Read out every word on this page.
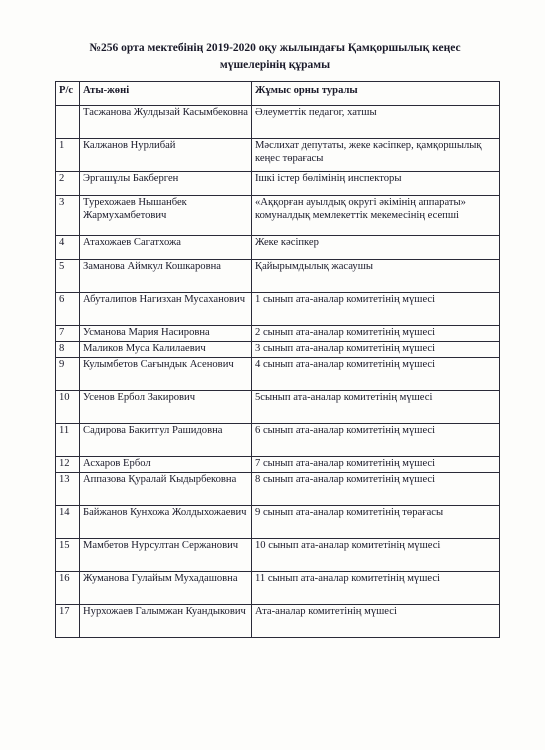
№256 орта мектебінің 2019-2020 оқу жылындағы Қамқоршылық кеңес
мүшелерінің құрамы
Р/с	Аты-жөні	Жұмыс орны туралы
	Тасжанова Жулдызай Касымбековна	Әлеуметтік педагог, хатшы
1	Калжанов Нурлибай	Мәслихат депутаты, жеке кәсіпкер, қамқоршылық кеңес төрағасы
2	Эргашұлы Бакберген	Ішкі істер бөлімінің инспекторы
3	Турехожаев Нышанбек Жармухамбетович	«Аққорған ауылдық округі әкімінің аппараты» комуналдық мемлекеттік мекемесінің есепші
4	Атахожаев Сагатхожа	Жеке кәсіпкер
5	Заманова Аймкул Кошкаровна	Қайырымдылық жасаушы
6	Абуталипов Нагизхан Мусаханович	1 сынып ата-аналар комитетінің мүшесі
7	Усманова Мария Насировна	2 сынып ата-аналар комитетінің мүшесі
8	Маликов Муса Калилаевич	3 сынып ата-аналар комитетінің мүшесі
9	Кулымбетов Сағындык Асенович	4 сынып ата-аналар комитетінің мүшесі
10	Усенов Ербол Закирович	5сынып ата-аналар комитетінің мүшесі
11	Садирова Бакитгул Рашидовна	6 сынып ата-аналар комитетінің мүшесі
12	Асхаров Ербол	7 сынып ата-аналар комитетінің мүшесі
13	Аппазова Қуралай Кыдырбековна	8 сынып ата-аналар комитетінің мүшесі
14	Байжанов Кунхожа Жолдыхожаевич	9 сынып ата-аналар комитетінің төрағасы
15	Мамбетов Нурсултан Сержанович	10 сынып ата-аналар комитетінің мүшесі
16	Жуманова Гулайым Мухадашовна	11 сынып ата-аналар комитетінің мүшесі
17	Нурхожаев Галымжан Куандыкович	Ата-аналар комитетінің мүшесі
